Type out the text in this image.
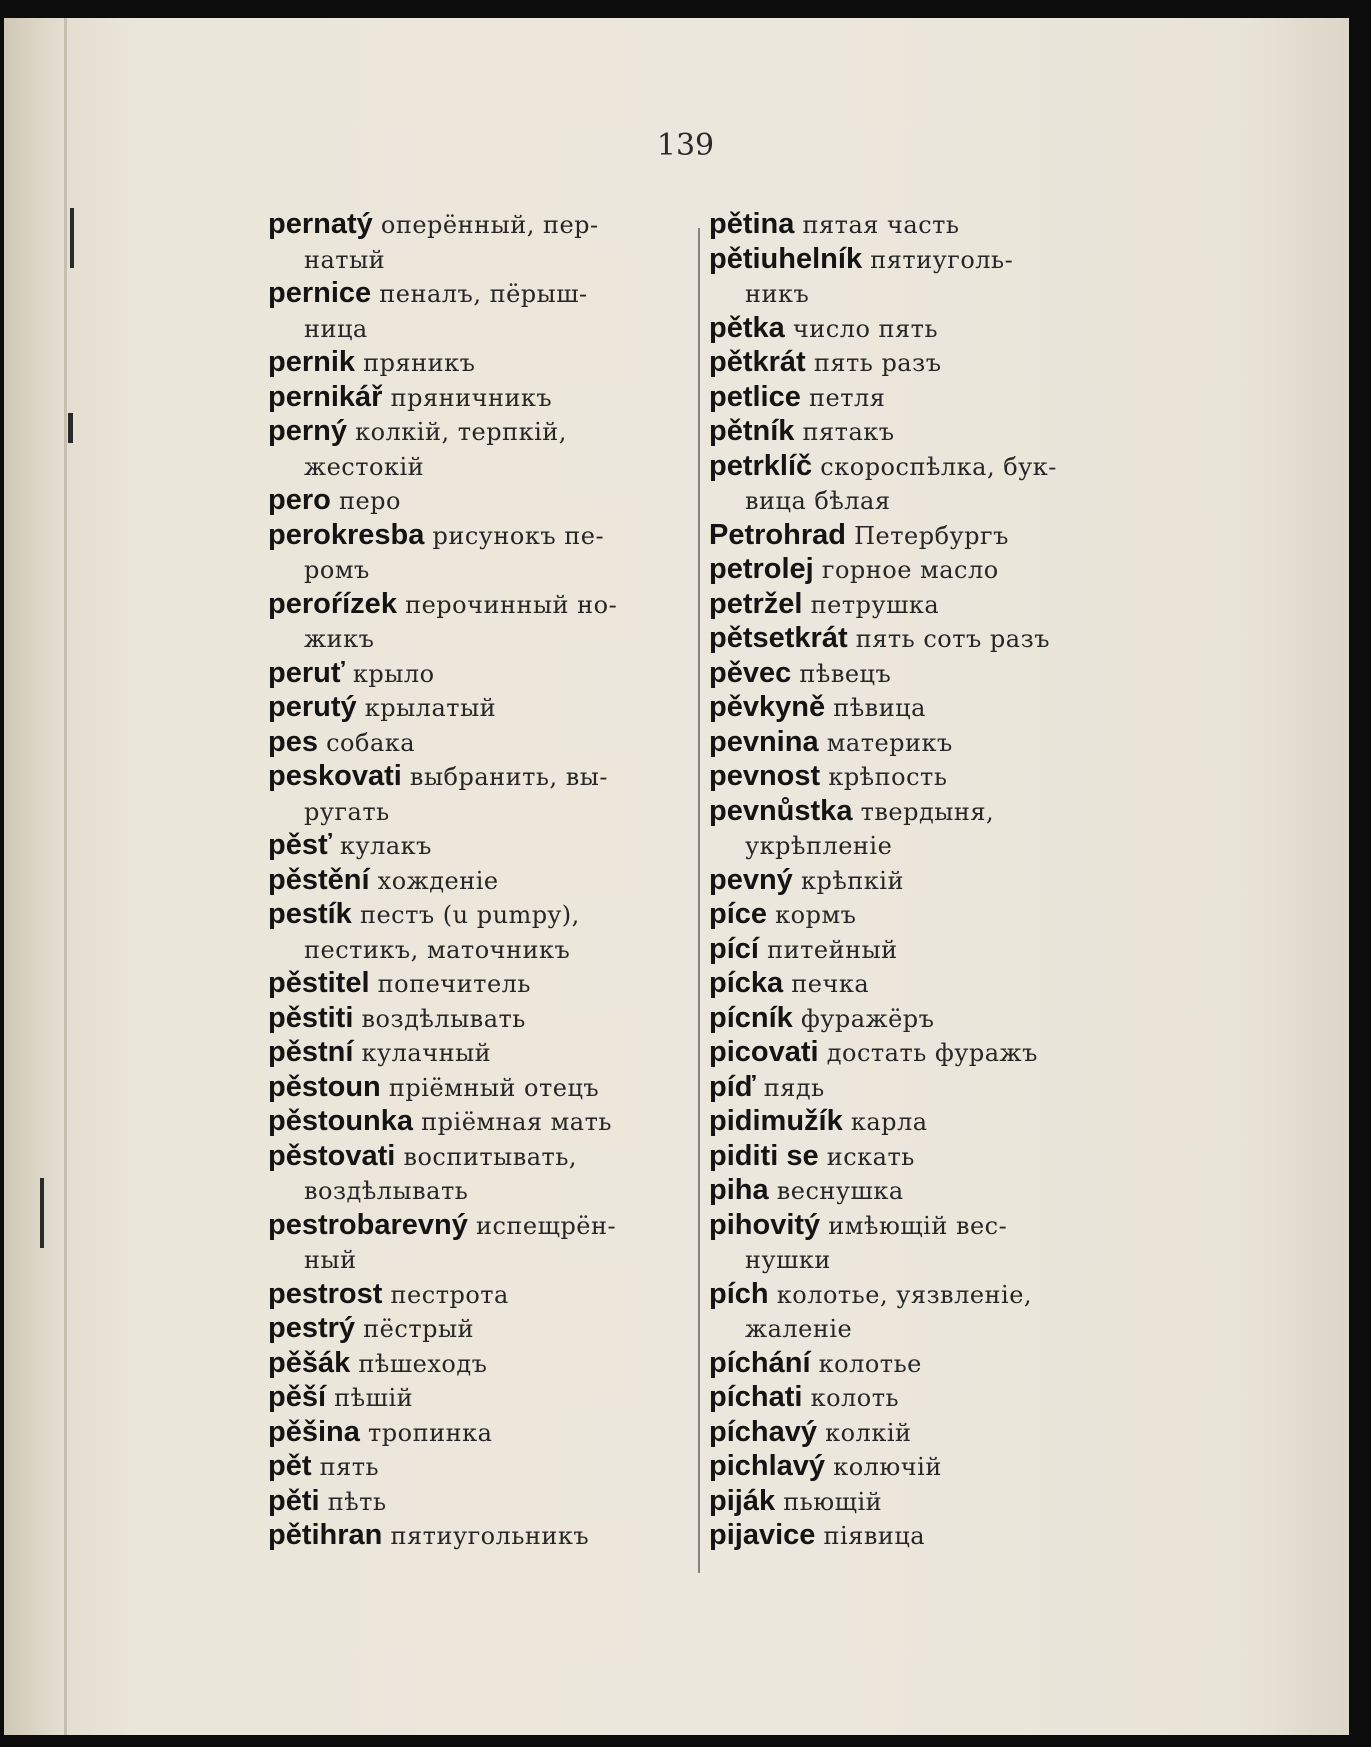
139
pernatý оперённый, пер-
натый
pernice пеналъ, пёрыш-
ница
pernik пряникъ
pernikář пряничникъ
perný колкій, терпкій,
жестокій
pero перо
perokresba рисунокъ пе-
ромъ
peroŕízek перочинный но-
жикъ
peruť крыло
perutý крылатый
pes собака
peskovati выбранить, вы-
ругать
pěsť кулакъ
pěstění хожденіе
pestík пестъ (u pumpy),
пестикъ, маточникъ
pěstitel попечитель
pěstiti воздѣлывать
pěstní кулачный
pěstoun пріёмный отецъ
pěstounka пріёмная мать
pěstovati воспитывать,
воздѣлывать
pestrobarevný испещрён-
ный
pestrost пестрота
pestrý пёстрый
pěšák пѣшеходъ
pěší пѣшій
pěšina тропинка
pět пять
pěti пѣть
pětihran пятиугольникъ
pětina пятая часть
pětiuhelník пятиуголь-
никъ
pětka число пять
pětkrát пять разъ
petlice петля
pětník пятакъ
petrklíč скороспѣлка, бук-
вица бѣлая
Petrohrad Петербургъ
petrolej горное масло
petržel петрушка
pětsetkrát пять сотъ разъ
pěvec пѣвецъ
pěvkyně пѣвица
pevnina материкъ
pevnost крѣпость
pevnůstka твердыня,
укрѣпленіе
pevný крѣпкій
píce кормъ
pící питейный
pícka печка
pícník фуражёръ
picovati достать фуражъ
píď пядь
pidimužík карла
piditi se искать
piha веснушка
pihovitý имѣющій вес-
нушки
pích колотье, уязвленіе,
жаленіе
píchání колотье
píchati колоть
píchavý колкій
pichlavý колючій
piják пьющій
pijavice піявица
